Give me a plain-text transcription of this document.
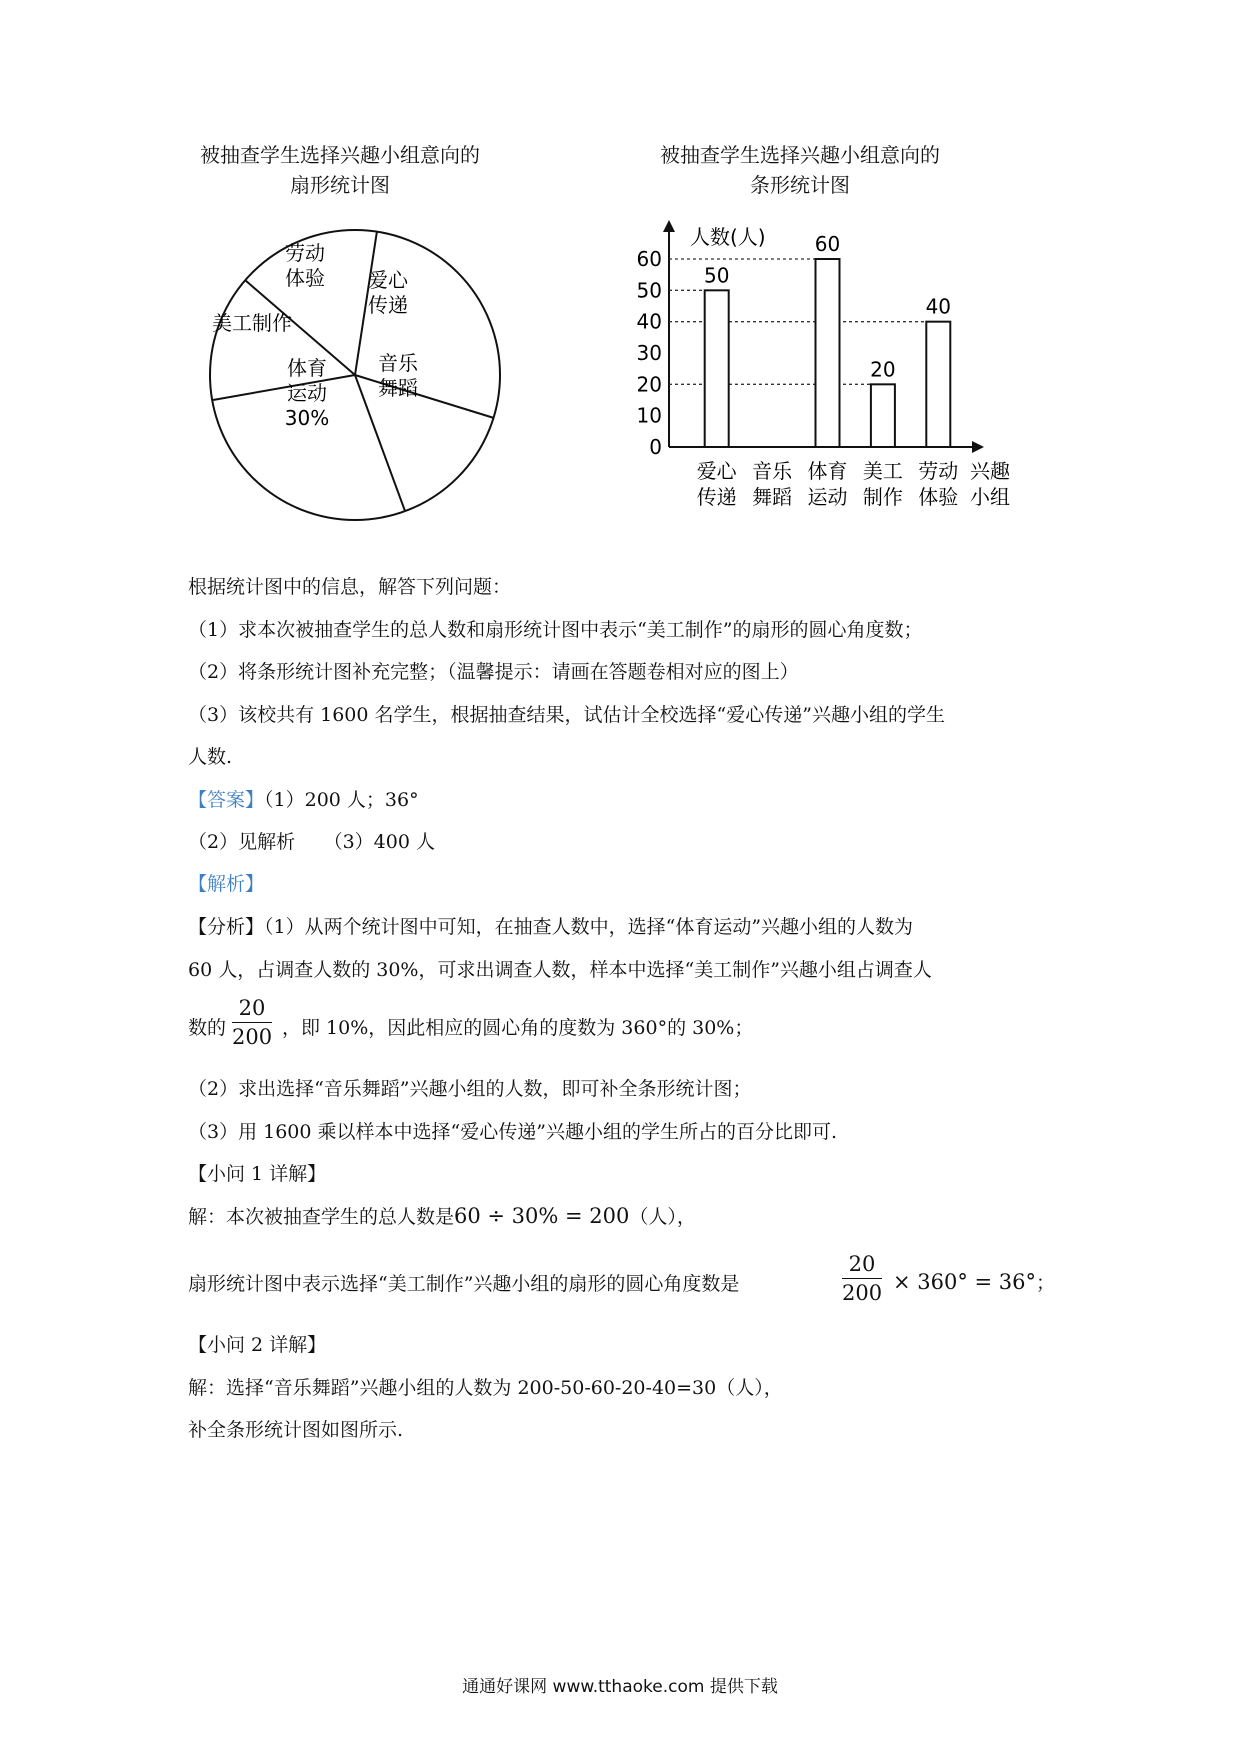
被抽查学生选择兴趣小组意向的
扇形统计图
劳动
体验 爱心
传递
音乐
舞蹈
体育
运动
30%
美工制作
被抽查学生选择兴趣小组意向的
条形统计图
人数(人)
兴趣
小组
0
10
20
30
40
50
60
50
60
20
40
爱心
传递
音乐
舞蹈
体育
运动
美工
制作
劳动
体验
根据统计图中的信息，解答下列问题：
（1）求本次被抽查学生的总人数和扇形统计图中表示“美工制作”的扇形的圆心角度数；
（2）将条形统计图补充完整；（温馨提示：请画在答题卷相对应的图上）
（3）该校共有 1600 名学生，根据抽查结果，试估计全校选择“爱心传递”兴趣小组的学生
人数.
【答案】（1）200 人；36°
（2）见解析　　（3）400 人
【解析】
【分析】（1）从两个统计图中可知，在抽查人数中，选择“体育运动”兴趣小组的人数为
60 人，占调查人数的 30%，可求出调查人数，样本中选择“美工制作”兴趣小组占调查人
数的 $\frac{20}{200}$ ，即 10%，因此相应的圆心角的度数为 360°的 30%；
（2）求出选择“音乐舞蹈”兴趣小组的人数，即可补全条形统计图；
（3）用 1600 乘以样本中选择“爱心传递”兴趣小组的学生所占的百分比即可.
【小问 1 详解】
解：本次被抽查学生的总人数是60 ÷ 30% = 200（人），
扇形统计图中表示选择“美工制作”兴趣小组的扇形的圆心角度数是	$\frac{20}{200} \times 360^\circ = 36^\circ$；
【小问 2 详解】
解：选择“音乐舞蹈”兴趣小组的人数为 200-50-60-20-40=30（人），
补全条形统计图如图所示.
通通好课网 www.tthaoke.com 提供下载
